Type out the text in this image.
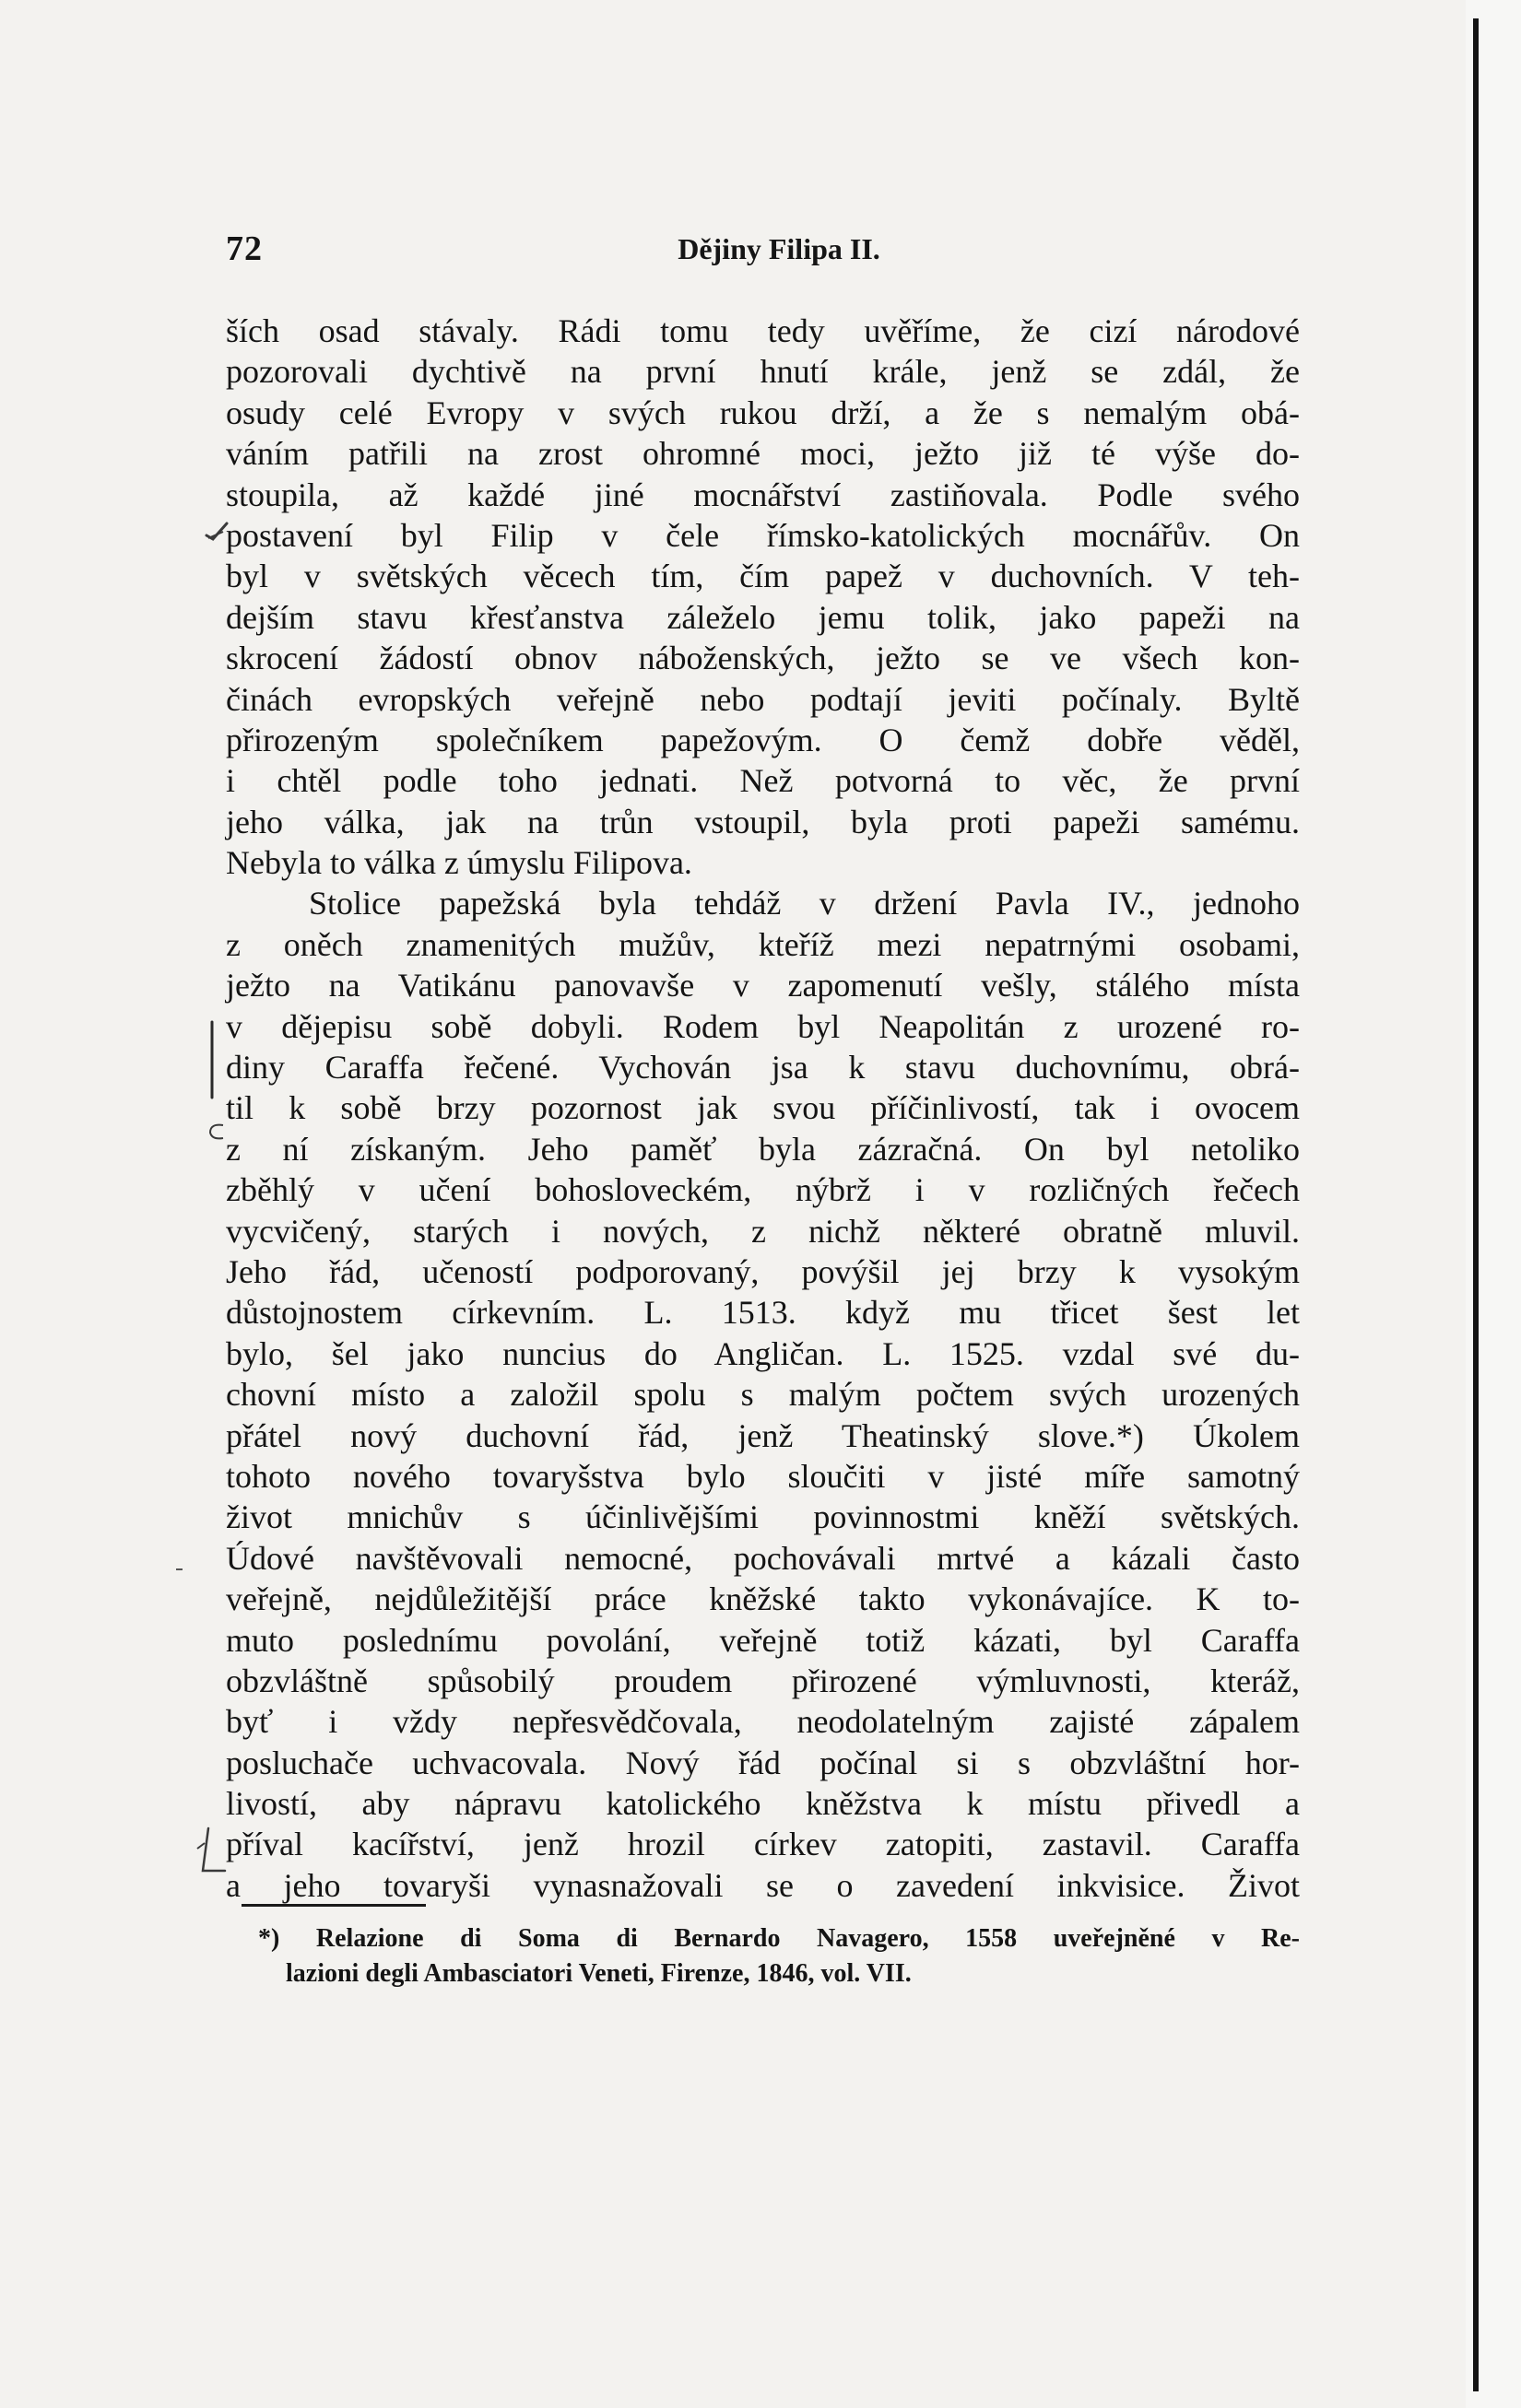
72	Dějiny Filipa II.
ších osad stávaly. Rádi tomu tedy uvěříme, že cizí národové
pozorovali dychtivě na první hnutí krále, jenž se zdál, že
osudy celé Evropy v svých rukou drží, a že s nemalým obá-
váním patřili na zrost ohromné moci, ježto již té výše do-
stoupila, až každé jiné mocnářství zastiňovala. Podle svého
postavení byl Filip v čele římsko-katolických mocnářův. On
byl v světských věcech tím, čím papež v duchovních. V teh-
dejším stavu křesťanstva záleželo jemu tolik, jako papeži na
skrocení žádostí obnov náboženských, ježto se ve všech kon-
činách evropských veřejně nebo podtají jeviti počínaly. Byltě
přirozeným společníkem papežovým. O čemž dobře věděl,
i chtěl podle toho jednati. Než potvorná to věc, že první
jeho válka, jak na trůn vstoupil, byla proti papeži samému.
Nebyla to válka z úmyslu Filipova.
Stolice papežská byla tehdáž v držení Pavla IV., jednoho
z oněch znamenitých mužův, kteříž mezi nepatrnými osobami,
ježto na Vatikánu panovavše v zapomenutí vešly, stálého místa
v dějepisu sobě dobyli. Rodem byl Neapolitán z urozené ro-
diny Caraffa řečené. Vychován jsa k stavu duchovnímu, obrá-
til k sobě brzy pozornost jak svou příčinlivostí, tak i ovocem
z ní získaným. Jeho paměť byla zázračná. On byl netoliko
zběhlý v učení bohosloveckém, nýbrž i v rozličných řečech
vycvičený, starých i nových, z nichž některé obratně mluvil.
Jeho řád, učeností podporovaný, povýšil jej brzy k vysokým
důstojnostem církevním. L. 1513. když mu třicet šest let
bylo, šel jako nuncius do Angličan. L. 1525. vzdal své du-
chovní místo a založil spolu s malým počtem svých urozených
přátel nový duchovní řád, jenž Theatinský slove.*) Úkolem
tohoto nového tovaryšstva bylo sloučiti v jisté míře samotný
život mnichův s účinlivějšími povinnostmi kněží světských.
Údové navštěvovali nemocné, pochovávali mrtvé a kázali často
veřejně, nejdůležitější práce kněžské takto vykonávajíce. K to-
muto poslednímu povolání, veřejně totiž kázati, byl Caraffa
obzvláštně spůsobilý proudem přirozené výmluvnosti, kteráž,
byť i vždy nepřesvědčovala, neodolatelným zajisté zápalem
posluchače uchvacovala. Nový řád počínal si s obzvláštní hor-
livostí, aby nápravu katolického kněžstva k místu přivedl a
příval kacířství, jenž hrozil církev zatopiti, zastavil. Caraffa
a jeho tovaryši vynasnažovali se o zavedení inkvisice. Život
*) Relazione di Soma di Bernardo Navagero, 1558 uveřejněné v Re-
lazioni degli Ambasciatori Veneti, Firenze, 1846, vol. VII.
